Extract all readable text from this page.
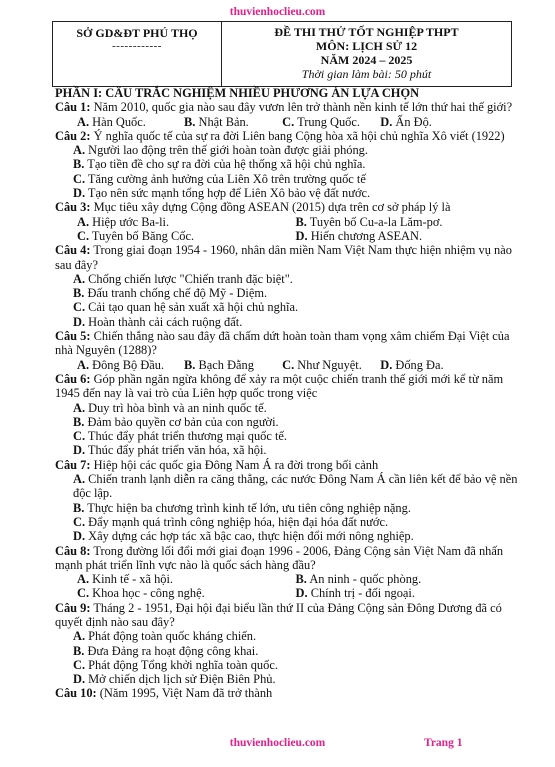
thuvienhoclieu.com
SỞ GD&ĐT PHÚ THỌ
------------
ĐỀ THI THỬ TỐT NGHIỆP THPT
MÔN: LỊCH SỬ 12
NĂM 2024 – 2025
Thời gian làm bài: 50 phút
PHẦN I: CÂU TRẮC NGHIỆM NHIỀU PHƯƠNG ÁN LỰA CHỌN

Câu 1: Năm 2010, quốc gia nào sau đây vươn lên trở thành nền kinh tế lớn thứ hai thế giới?

A. Hàn Quốc.	B. Nhật Bản.	C. Trung Quốc.	D. Ấn Độ.

Câu 2: Ý nghĩa quốc tế của sự ra đời Liên bang Cộng hòa xã hội chủ nghĩa Xô viết (1922)

A. Người lao động trên thế giới hoàn toàn được giải phóng.

B. Tạo tiền đề cho sự ra đời của hệ thống xã hội chủ nghĩa.

C. Tăng cường ảnh hưởng của Liên Xô trên trường quốc tế

D. Tạo nên sức mạnh tổng hợp để Liên Xô bảo vệ đất nước.

Câu 3: Mục tiêu xây dựng Cộng đồng ASEAN (2015) dựa trên cơ sở pháp lý là

A. Hiệp ước Ba-li.	B. Tuyên bố Cu-a-la Lăm-pơ.
C. Tuyên bố Băng Cốc.	D. Hiến chương ASEAN.

Câu 4: Trong giai đoạn 1954 - 1960, nhân dân miền Nam Việt Nam thực hiện nhiệm vụ nào sau đây?

A. Chống chiến lược "Chiến tranh đặc biệt".

B. Đấu tranh chống chế độ Mỹ - Diệm.

C. Cải tạo quan hệ sản xuất xã hội chủ nghĩa.

D. Hoàn thành cải cách ruộng đất.

Câu 5: Chiến thắng nào sau đây đã chấm dứt hoàn toàn tham vọng xâm chiếm Đại Việt của nhà Nguyên (1288)?

A. Đông Bộ Đầu.	B. Bạch Đằng	C. Như Nguyệt.	D. Đống Đa.

Câu 6: Góp phần ngăn ngừa không để xảy ra một cuộc chiến tranh thế giới mới kể từ năm 1945 đến nay là vai trò của Liên hợp quốc trong việc

A. Duy trì hòa bình và an ninh quốc tế.

B. Đảm bảo quyền cơ bản của con người.

C. Thúc đẩy phát triển thương mại quốc tế.

D. Thúc đẩy phát triển văn hóa, xã hội.

Câu 7: Hiệp hội các quốc gia Đông Nam Á ra đời trong bối cảnh

A. Chiến tranh lạnh diễn ra căng thẳng, các nước Đông Nam Á cần liên kết để bảo vệ nền độc lập.

B. Thực hiện ba chương trình kinh tế lớn, ưu tiên công nghiệp nặng.

C. Đẩy mạnh quá trình công nghiệp hóa, hiện đại hóa đất nước.

D. Xây dựng các hợp tác xã bậc cao, thực hiện đổi mới nông nghiệp.

Câu 8: Trong đường lối đổi mới giai đoạn 1996 - 2006, Đảng Cộng sản Việt Nam đã nhấn mạnh phát triển lĩnh vực nào là quốc sách hàng đầu?

A. Kinh tế - xã hội.	B. An ninh - quốc phòng.
C. Khoa học - công nghệ.	D. Chính trị - đối ngoại.

Câu 9: Tháng 2 - 1951, Đại hội đại biểu lần thứ II của Đảng Cộng sản Đông Dương đã có quyết định nào sau đây?

A. Phát động toàn quốc kháng chiến.

B. Đưa Đảng ra hoạt động công khai.

C. Phát động Tổng khởi nghĩa toàn quốc.

D. Mở chiến dịch lịch sử Điện Biên Phủ.

Câu 10: (Năm 1995, Việt Nam đã trở thành

thuvienhoclieu.com	Trang 1
